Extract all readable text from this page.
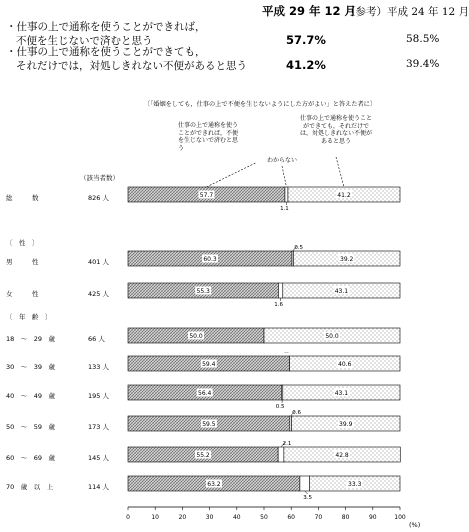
平成 29 年 12 月
（参考）平成 24 年 12 月
・仕事の上で通称を使うことができれば，
不便を生じないで済むと思う	57.7%	58.5%
・仕事の上で通称を使うことができても，
それだけでは，対処しきれない不便があると思う	41.2%	39.4%
〔「婚姻をしても，仕事の上で不便を生じないようにした方がよい」と答えた者に〕
仕事の上で通称を使うことができれば，不便を生じないで済むと思う
わからない
仕事の上で通称を使うことができても，それだけでは，対処しきれない不便があると思う
（該当者数）
〔　性　〕
〔　年　齢　〕
総　　　数	826 人
男　　　性	401 人
女　　　性	425 人
18　～　29　歳	66 人
30　～　39　歳	133 人
40　～　49　歳	195 人
50　～　59　歳	173 人
60　～　69　歳	145 人
70　歳　以　上	114 人
0	10	20	30	40	50	60	70	80	90	100
(%)
57.7	41.2
1.1
60.3	39.2
0.5
55.3	43.1
1.6
50.0	50.0
59.4	40.6
－
56.4	43.1
0.5
59.5	39.9
0.6
55.2	42.8
2.1
63.2	33.3
3.5
